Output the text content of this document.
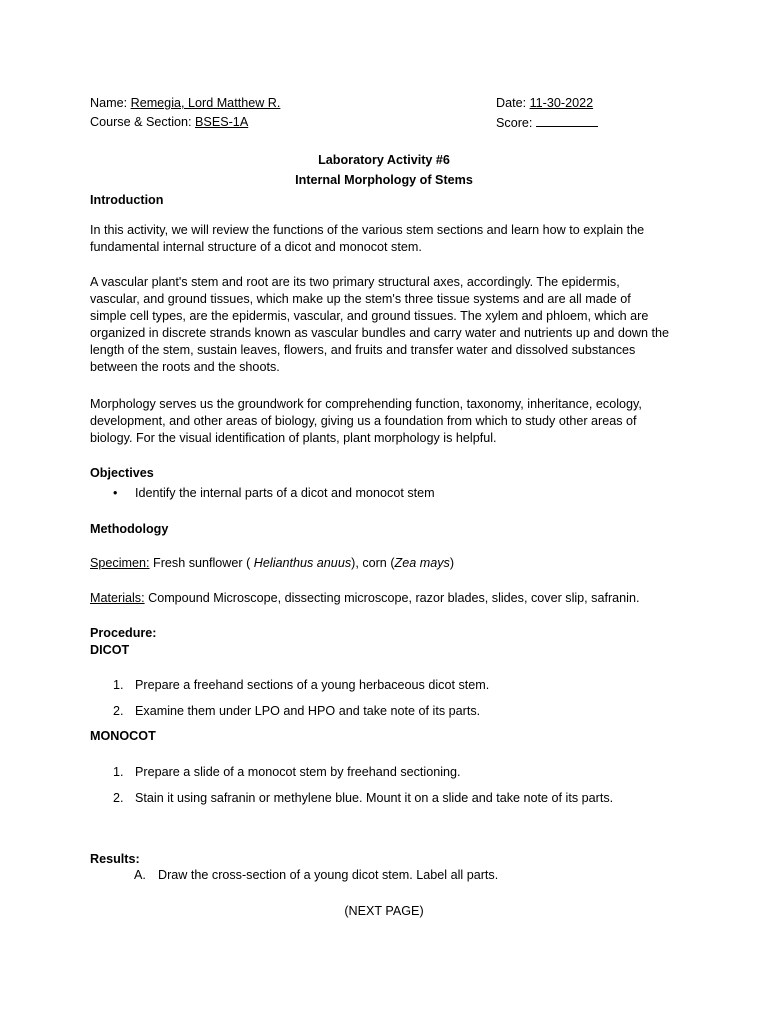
Name: Remegia, Lord Matthew R.
Course & Section: BSES-1A
Date: 11-30-2022
Score:
Laboratory Activity #6
Internal Morphology of Stems
Introduction
In this activity, we will review the functions of the various stem sections and learn how to explain the fundamental internal structure of a dicot and monocot stem.
A vascular plant's stem and root are its two primary structural axes, accordingly. The epidermis, vascular, and ground tissues, which make up the stem's three tissue systems and are all made of simple cell types, are the epidermis, vascular, and ground tissues. The xylem and phloem, which are organized in discrete strands known as vascular bundles and carry water and nutrients up and down the length of the stem, sustain leaves, flowers, and fruits and transfer water and dissolved substances between the roots and the shoots.
Morphology serves us the groundwork for comprehending function, taxonomy, inheritance, ecology, development, and other areas of biology, giving us a foundation from which to study other areas of biology. For the visual identification of plants, plant morphology is helpful.
Objectives
• Identify the internal parts of a dicot and monocot stem
Methodology
Specimen: Fresh sunflower ( Helianthus anuus), corn (Zea mays)
Materials: Compound Microscope, dissecting microscope, razor blades, slides, cover slip, safranin.
Procedure:
DICOT
1. Prepare a freehand sections of a young herbaceous dicot stem.
2. Examine them under LPO and HPO and take note of its parts.
MONOCOT
1. Prepare a slide of a monocot stem by freehand sectioning.
2. Stain it using safranin or methylene blue. Mount it on a slide and take note of its parts.
Results:
A. Draw the cross-section of a young dicot stem. Label all parts.
(NEXT PAGE)
